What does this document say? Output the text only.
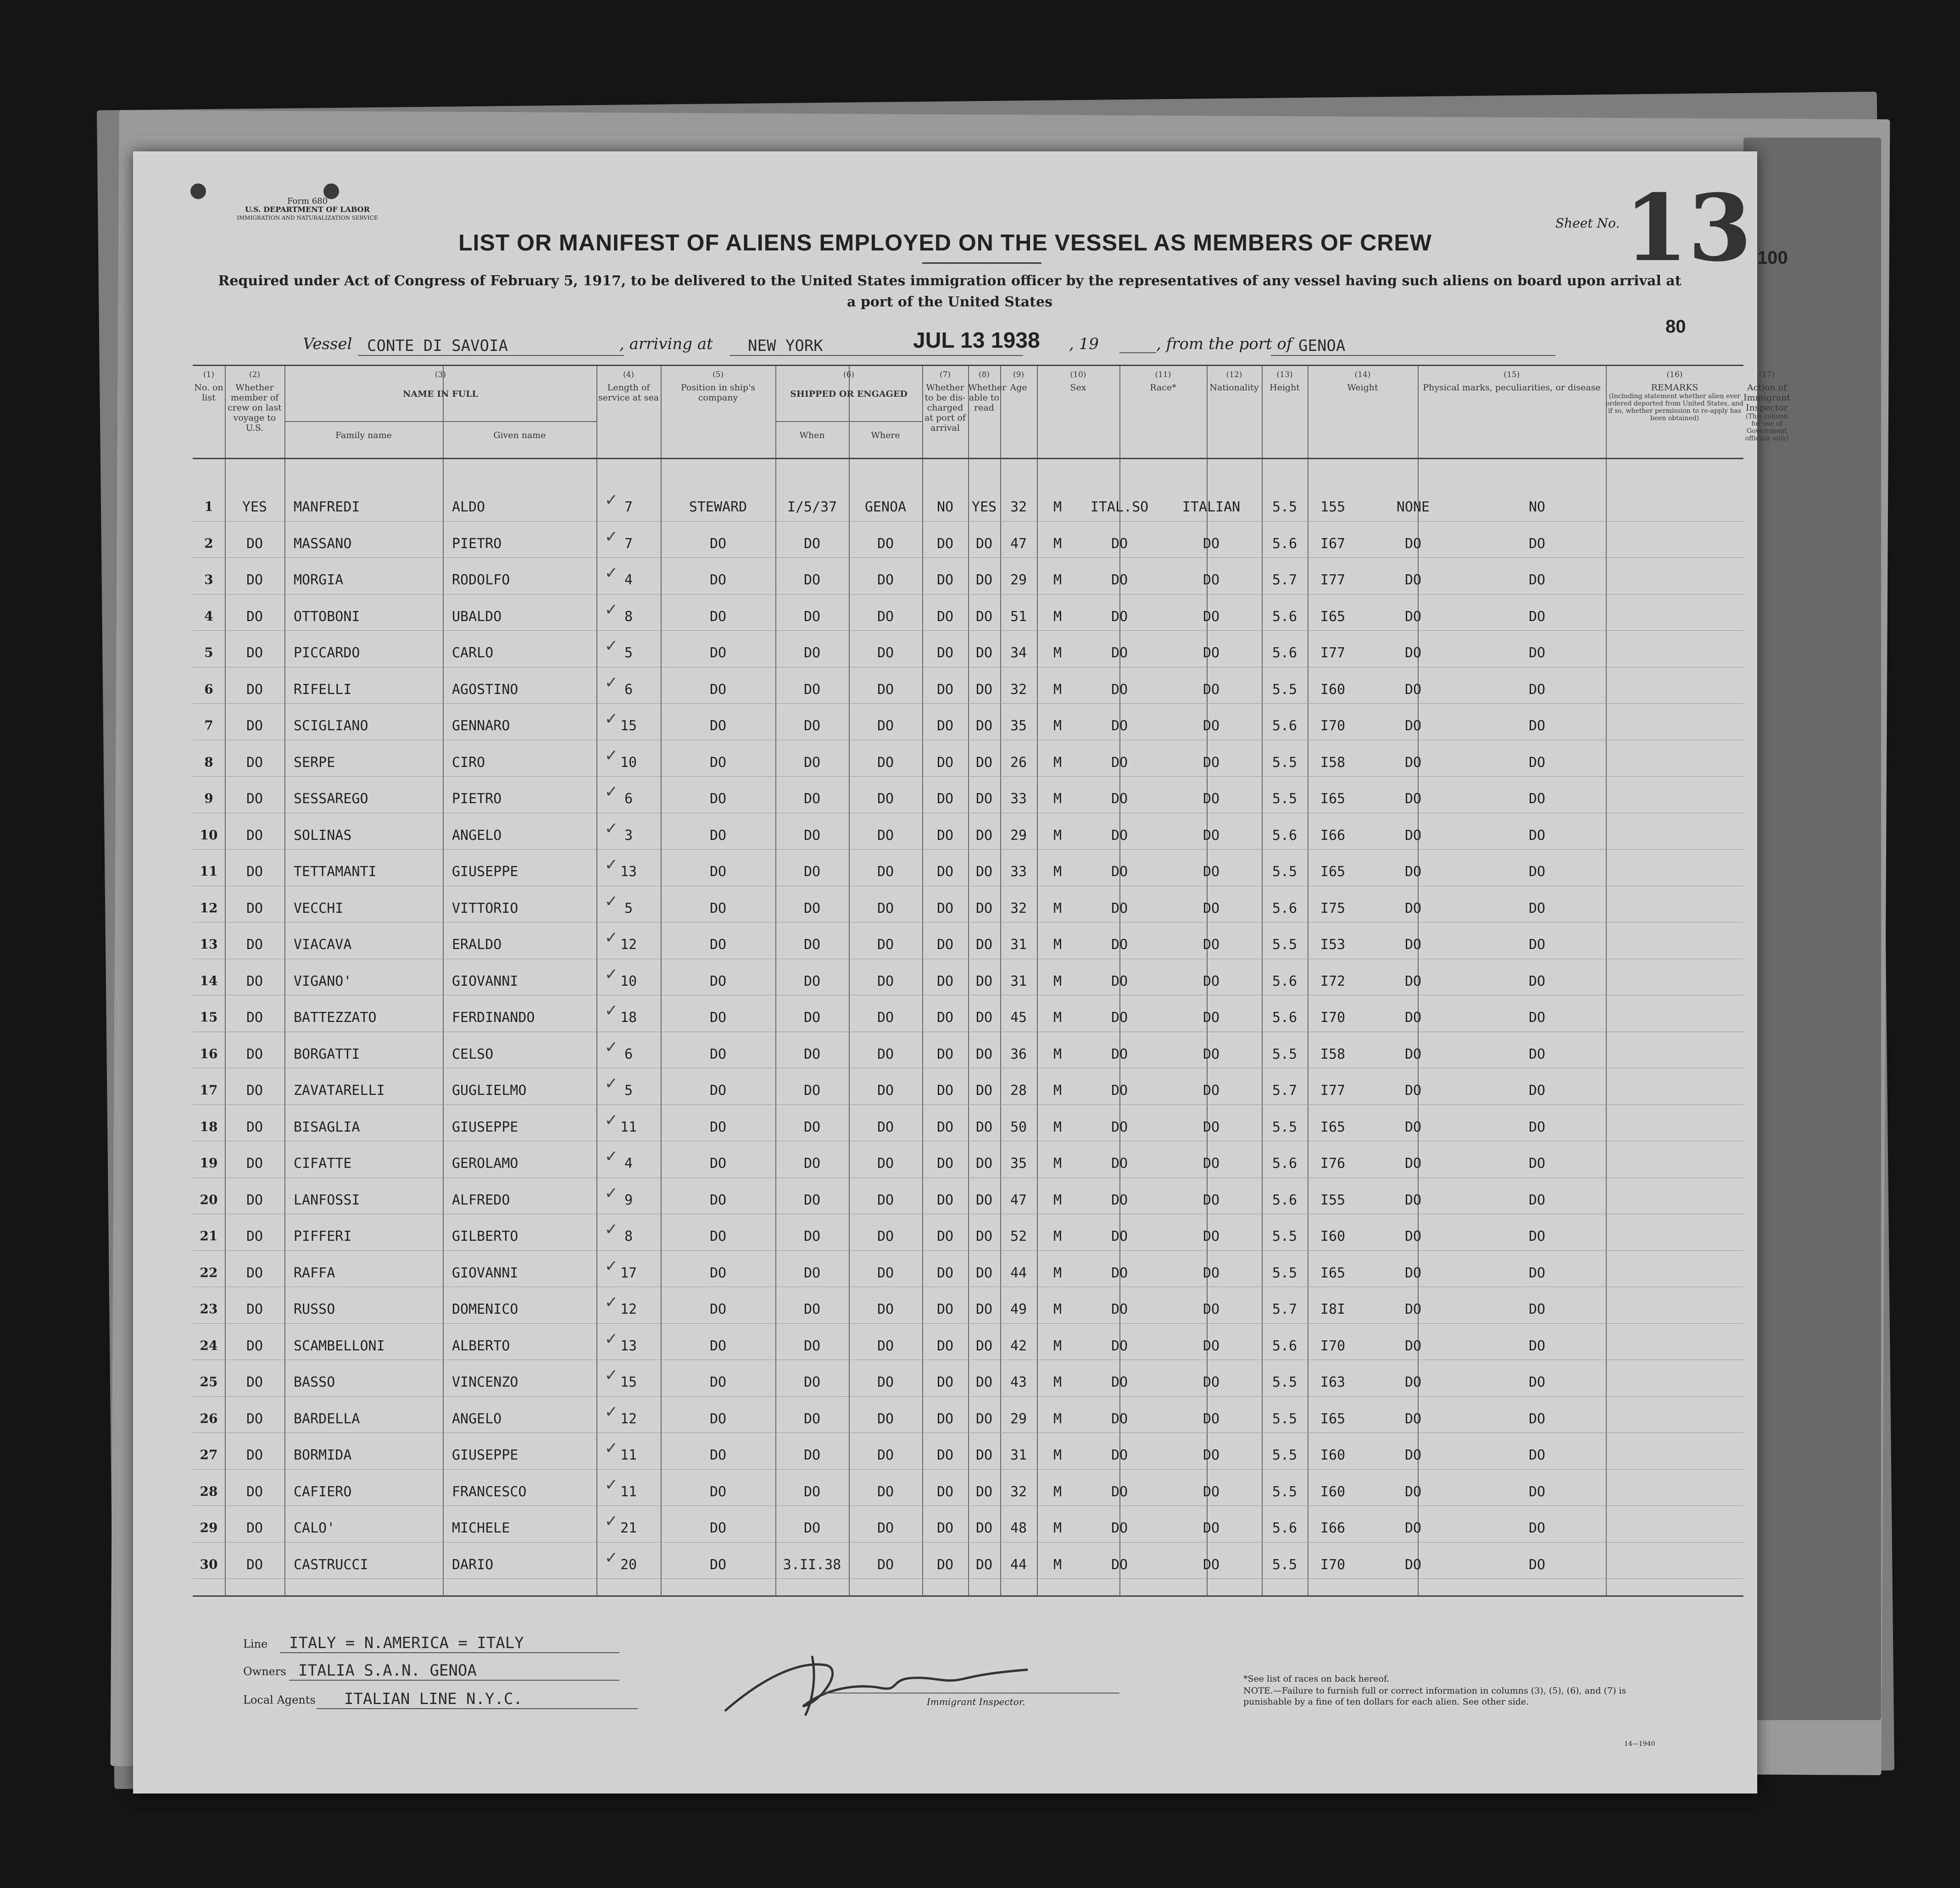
Form 680
U.S. DEPARTMENT OF LABOR
IMMIGRATION AND NATURALIZATION SERVICE	Sheet No. 13 100
80
LIST OR MANIFEST OF ALIENS EMPLOYED ON THE VESSEL AS MEMBERS OF CREW
Required under Act of Congress of February 5, 1917, to be delivered to the United States immigration officer by the representatives of any vessel having such aliens on board upon arrival at a port of the United States
Vessel CONTE DI SAVOIA	, arriving at	NEW YORK	JUL 13 1938 , 19	, from the port of GENOA
(1)
No. on list
(2)
Whether member of crew on last voyage to U.S.
(3)
NAME IN FULL
Family name	Given name
(4)
Length of service at sea
(5)
Position in ship's company
(6)
SHIPPED OR ENGAGED
When	Where
(7)
Whether to be dis-charged at port of arrival
(8)
Whether able to read
(9)
Age
(10)
Sex
(11)
Race*
(12)
Nationality
(13)
Height
(14)
Weight
(15)
Physical marks, peculiarities, or disease
(16)
REMARKS
(Including statement whether alien ever ordered deported from United States, and if so, whether permission to re-apply has been obtained)
(17)
Action of Immigrant Inspector
(This column for use of Government officials only)
1	YES	MANFREDI	ALDO	7	STEWARD	I/5/37	GENOA	NO	YES 32	M	ITAL.SO	ITALIAN	5.5	155	NONE	NO
✓
2	DO	MASSANO	PIETRO	7	DO	DO	DO	DO	DO	47	M	DO	DO	5.6	I67	DO	DO
✓
3	DO	MORGIA	RODOLFO	4	DO	DO	DO	DO	DO	29	M	DO	DO	5.7	I77	DO	DO
✓
4	DO	OTTOBONI	UBALDO	8	DO	DO	DO	DO	DO	51	M	DO	DO	5.6	I65	DO	DO
✓
5	DO	PICCARDO	CARLO	5	DO	DO	DO	DO	DO	34	M	DO	DO	5.6	I77	DO	DO
✓
6	DO	RIFELLI	AGOSTINO	6	DO	DO	DO	DO	DO	32	M	DO	DO	5.5	I60	DO	DO
✓
7	DO	SCIGLIANO	GENNARO	15	DO	DO	DO	DO	DO	35	M	DO	DO	5.6	I70	DO	DO
✓
8	DO	SERPE	CIRO	10	DO	DO	DO	DO	DO	26	M	DO	DO	5.5	I58	DO	DO
✓
9	DO	SESSAREGO	PIETRO	6	DO	DO	DO	DO	DO	33	M	DO	DO	5.5	I65	DO	DO
✓
10	DO	SOLINAS	ANGELO	3	DO	DO	DO	DO	DO	29	M	DO	DO	5.6	I66	DO	DO
✓
11	DO	TETTAMANTI	GIUSEPPE	13	DO	DO	DO	DO	DO	33	M	DO	DO	5.5	I65	DO	DO
✓
12	DO	VECCHI	VITTORIO	5	DO	DO	DO	DO	DO	32	M	DO	DO	5.6	I75	DO	DO
✓
13	DO	VIACAVA	ERALDO	12	DO	DO	DO	DO	DO	31	M	DO	DO	5.5	I53	DO	DO
✓
14	DO	VIGANO'	GIOVANNI	10	DO	DO	DO	DO	DO	31	M	DO	DO	5.6	I72	DO	DO
✓
15	DO	BATTEZZATO	FERDINANDO	18	DO	DO	DO	DO	DO	45	M	DO	DO	5.6	I70	DO	DO
✓
16	DO	BORGATTI	CELSO	6	DO	DO	DO	DO	DO	36	M	DO	DO	5.5	I58	DO	DO
✓
17	DO	ZAVATARELLI	GUGLIELMO	5	DO	DO	DO	DO	DO	28	M	DO	DO	5.7	I77	DO	DO
✓
18	DO	BISAGLIA	GIUSEPPE	11	DO	DO	DO	DO	DO	50	M	DO	DO	5.5	I65	DO	DO
✓
19	DO	CIFATTE	GEROLAMO	4	DO	DO	DO	DO	DO	35	M	DO	DO	5.6	I76	DO	DO
✓
20	DO	LANFOSSI	ALFREDO	9	DO	DO	DO	DO	DO	47	M	DO	DO	5.6	I55	DO	DO
✓
21	DO	PIFFERI	GILBERTO	8	DO	DO	DO	DO	DO	52	M	DO	DO	5.5	I60	DO	DO
✓
22	DO	RAFFA	GIOVANNI	17	DO	DO	DO	DO	DO	44	M	DO	DO	5.5	I65	DO	DO
✓
23	DO	RUSSO	DOMENICO	12	DO	DO	DO	DO	DO	49	M	DO	DO	5.7	I8I	DO	DO
✓
24	DO	SCAMBELLONI	ALBERTO	13	DO	DO	DO	DO	DO	42	M	DO	DO	5.6	I70	DO	DO
✓
25	DO	BASSO	VINCENZO	15	DO	DO	DO	DO	DO	43	M	DO	DO	5.5	I63	DO	DO
✓
26	DO	BARDELLA	ANGELO	12	DO	DO	DO	DO	DO	29	M	DO	DO	5.5	I65	DO	DO
✓
27	DO	BORMIDA	GIUSEPPE	11	DO	DO	DO	DO	DO	31	M	DO	DO	5.5	I60	DO	DO
✓
28	DO	CAFIERO	FRANCESCO	11	DO	DO	DO	DO	DO	32	M	DO	DO	5.5	I60	DO	DO
✓
29	DO	CALO'	MICHELE	21	DO	DO	DO	DO	DO	48	M	DO	DO	5.6	I66	DO	DO
✓
30	DO	CASTRUCCI	DARIO	20	DO	3.II.38	DO	DO	DO	44	M	DO	DO	5.5	I70	DO	DO
✓
Line	ITALY = N.AMERICA = ITALY
Owners ITALIA S.A.N. GENOA
Local Agents	ITALIAN LINE N.Y.C.	Immigrant Inspector.
*See list of races on back hereof.
NOTE.—Failure to furnish full or correct information in columns (3), (5), (6), and (7) is punishable by a fine of ten dollars for each alien. See other side.
14—1940
